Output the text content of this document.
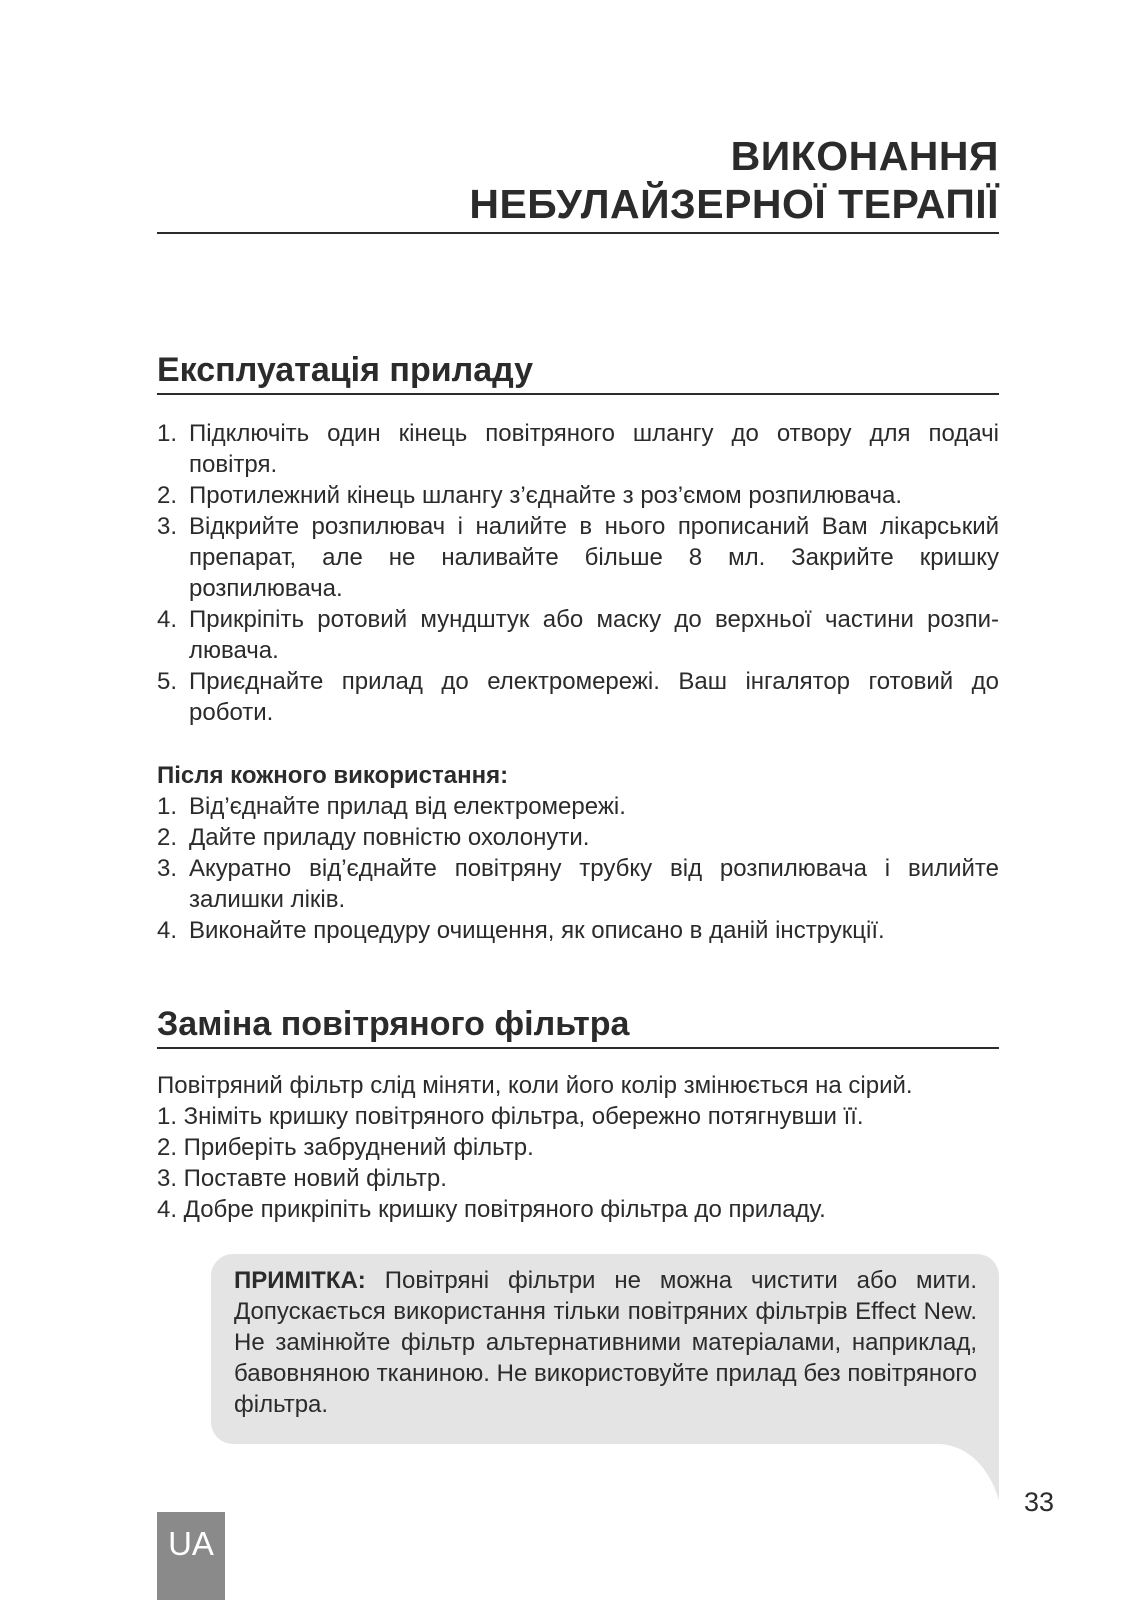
ВИКОНАННЯ

НЕБУЛАЙЗЕРНОЇ ТЕРАПІЇ

Експлуатація приладу
1. Підключіть один кінець повітряного шлангу до отвору для подачі повітря.
2. Протилежний кінець шлангу з’єднайте з роз’ємом розпилювача.
3. Відкрийте розпилювач і налийте в нього прописаний Вам лікарський препарат, але не наливайте більше 8 мл. Закрийте кришку розпилювача.
4. Прикріпіть ротовий мундштук або маску до верхньої частини розпилювача.
5. Приєднайте прилад до електромережі. Ваш інгалятор готовий до роботи.

Після кожного використання:

1. Від’єднайте прилад від електромережі.
2. Дайте приладу повністю охолонути.
3. Акуратно від’єднайте повітряну трубку від розпилювача і вилийте залишки ліків.
4. Виконайте процедуру очищення, як описано в даній інструкції.
Заміна повітряного фільтра
Повітряний фільтр слід міняти, коли його колір змінюється на сірий.
1. Зніміть кришку повітряного фільтра, обережно потягнувши її.
2. Приберіть забруднений фільтр.
3. Поставте новий фільтр.
4. Добре прикріпіть кришку повітряного фільтра до приладу.

ПРИМІТКА: Повітряні фільтри не можна чистити або мити. Допускається використання тільки повітряних фільтрів Effect New. Не замінюйте фільтр альтернативними матеріалами, наприклад, бавовняною тканиною. Не використовуйте прилад без повітряного фільтра.

33
UA
